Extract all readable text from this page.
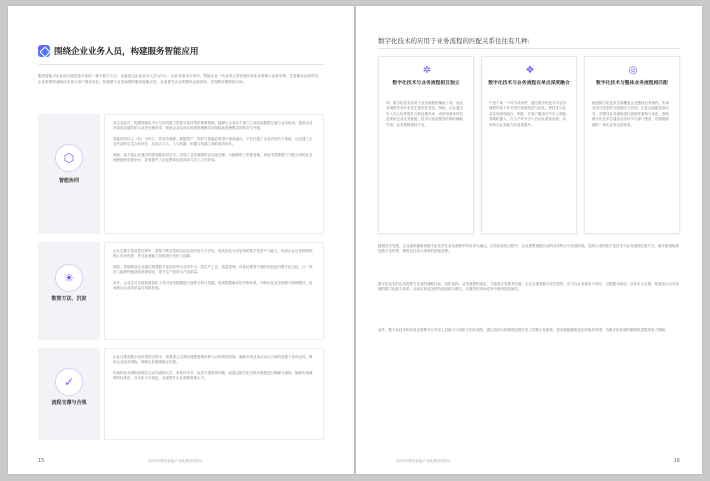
围绕企业业务人员，构建服务智能应用
服务智能对企业而言就是数字化的一种手段与方法，也就是以企业业务人员为中心，以业务需求为导向，帮助企业一线业务人员快速实现业务管理与运营决策。在智能化运营时代，企业需要快速响应市场与用户需求变化，构建基于业务场景的服务智能应用，从而提升企业的整体运营效率，实现降本增效的目标。
⬡
智能协同

对企业而言，构建智能化平台与协同能力是数字化转型的重要基础，能够让企业各个部门之间实现数据互通与业务协同，提高企业内部的沟通效率与业务处理效率，帮助企业实现从传统管理模式向智能化管理模式的转变与升级。

智能协同以人（机）为中心，将业务流程、数据资产、知识与智能应用进行深度融合，不仅打通了企业内部各个系统，还连通了企业外部的生态合作伙伴，实现人与人、人与机器、机器与机器之间的高效协作。

例如，某大型企业通过构建智能协同平台，实现了业务流程的自动化处理，大幅缩短了审批周期，将原本需要数天才能完成的业务流程缩短至数小时，显著提升了企业整体运营效率与员工工作体验。

☀
数智方法、沉淀

企业在数字化转型过程中，需要不断总结和沉淀业务经验与方法论，将其转化为可复用的数字化资产与能力，形成企业自身独特的核心竞争优势，并在此基础上持续进行优化与创新。

例如，传统制造企业通过构建数字化知识库与业务中台，将生产工艺、质量管理、设备运维等方面的经验进行数字化沉淀，让一线员工能够快速获取所需知识，提升生产效率与产品质量。

此外，企业还可以借助数智化工具对业务数据进行深度分析与挖掘，形成数据驱动的决策体系，不断优化业务流程与管理模式，进而推动企业高质量可持续发展。

✓
流程支撑与合规

企业在推进数字化转型的过程中，需要建立完善的流程管理体系与合规管控机制，确保各项业务活动在合规的前提下高效运转，降低企业经营风险，保障企业健康稳定发展。

传统的业务流程管理往往存在流程冗长、审批环节多、信息不透明等问题，而通过数字化手段对流程进行梳理与重构，能够实现流程的标准化、自动化与可视化，全面提升企业流程管理水平。

15	2022年服务智能产业发展研究报告
数字化技术的应用于业务流程的匹配关系往往有几种:
✲
数字化技术与业务流程相互独立
即，数字化技术应用于业务流程的辅助工具，而业务流程本身并未发生根本性变化。例如，企业通过引入办公软件提升文档处理效率，或使用简单的信息系统记录业务数据，技术仅起到提高效率的辅助作用，业务逻辑保持不变。
❖
数字化技术与业务流程在单点深度融合
不是于某一个环节或场景，通过数字化技术对业务流程的某个环节进行深度改造与优化，使技术与业务实现深度融合。例如，在客户服务环节引入智能客服机器人，在生产环节引入自动化质检设备，实现单点业务能力的显著提升。
◎
数字化技术与整体业务流程相匹配
就是数字化技术全面覆盖企业整体业务流程，实现业务与技术的全面融合与协同。企业从战略层面出发，对整体业务流程进行系统性重构与优化，借助数字化技术打通各业务环节与部门壁垒，构建端到端的一体化业务运营体系。
随着技术发展，企业越来越重视数字化技术在业务流程中的应用与融合。在实际应用过程中，企业需要根据自身的业务特点与发展阶段，选择合适的数字化技术与业务流程匹配方式，循序渐进地推进数字化转型，避免盲目投入带来的资源浪费。
数字化技术的应用需要与企业的战略目标、组织架构、业务流程相适应，才能真正发挥其价值。企业在推进数字化转型时，应当以业务需求为导向，以数据为驱动，以技术为支撑，构建适合自身发展的数字化能力体系，从而实现业务的持续创新与增长，在激烈的市场竞争中保持领先地位。
此外，数字化技术的应用还需要充分考虑人员能力与组织文化的适配，通过培训与机制建设提升员工的数字化素养，营造积极拥抱变化的组织氛围，为数字化转型的顺利推进提供有力保障。
2022年服务智能产业发展研究报告	16
